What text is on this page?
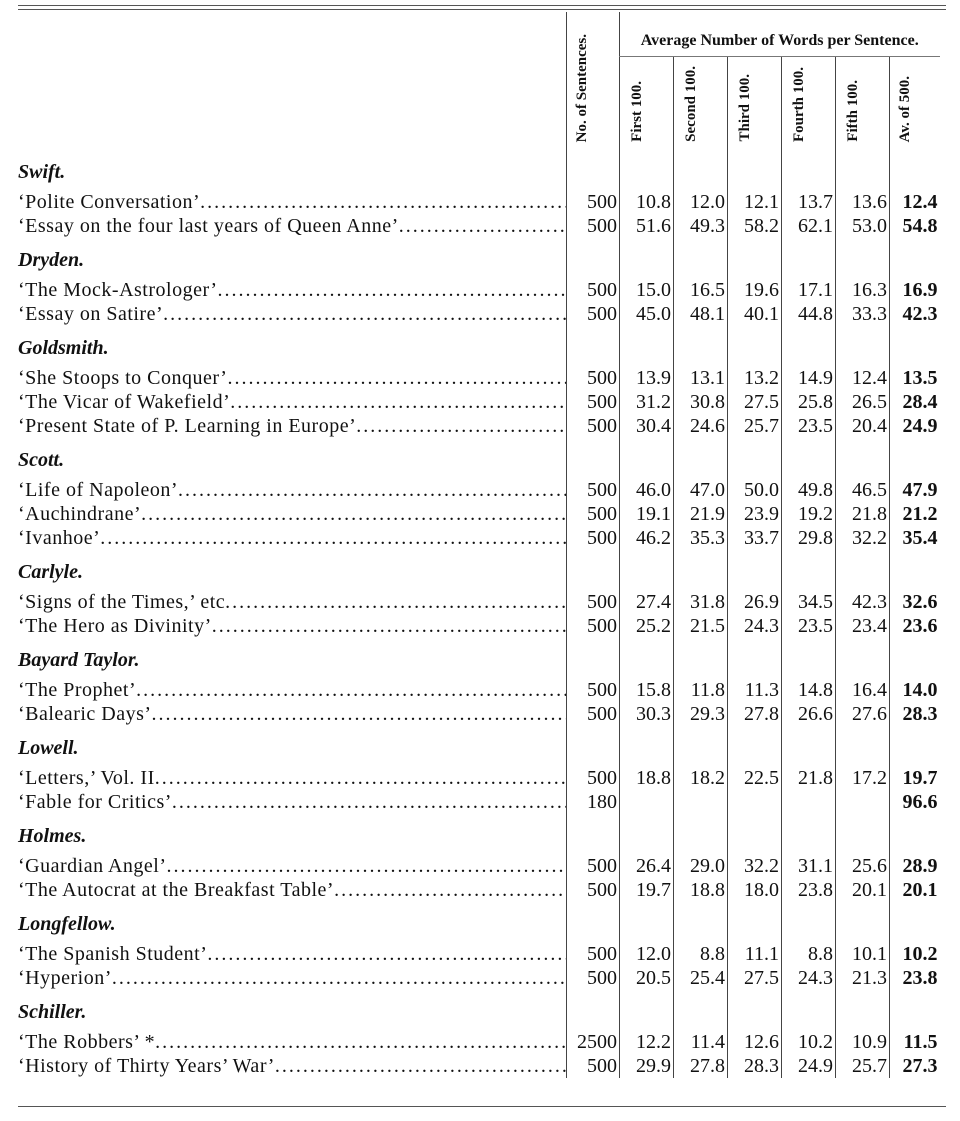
	No. of Sentences.	Average Number of Words per Sentence.					

		First 100.	Second 100.	Third 100.	Fourth 100.	Fifth 100.	Av. of 500.

Swift.							

‘Polite Conversation’ .....	500	10.8	12.0	12.1	13.7	13.6	12.4

‘Essay on the four last years of Queen Anne’ .....	500	51.6	49.3	58.2	62.1	53.0	54.8
Dryden.							

‘The Mock-Astrologer’ .....	500	15.0	16.5	19.6	17.1	16.3	16.9

‘Essay on Satire’ .....	500	45.0	48.1	40.1	44.8	33.3	42.3
Goldsmith.							

‘She Stoops to Conquer’ .....	500	13.9	13.1	13.2	14.9	12.4	13.5

‘The Vicar of Wakefield’ .....	500	31.2	30.8	27.5	25.8	26.5	28.4

‘Present State of P. Learning in Europe’ .....	500	30.4	24.6	25.7	23.5	20.4	24.9
Scott.							

‘Life of Napoleon’ .....	500	46.0	47.0	50.0	49.8	46.5	47.9

‘Auchindrane’ .....	500	19.1	21.9	23.9	19.2	21.8	21.2

‘Ivanhoe’ .....	500	46.2	35.3	33.7	29.8	32.2	35.4
Carlyle.							

‘Signs of the Times,’ etc .....	500	27.4	31.8	26.9	34.5	42.3	32.6

‘The Hero as Divinity’ .....	500	25.2	21.5	24.3	23.5	23.4	23.6
Bayard Taylor.							

‘The Prophet’ .....	500	15.8	11.8	11.3	14.8	16.4	14.0

‘Balearic Days’ .....	500	30.3	29.3	27.8	26.6	27.6	28.3
Lowell.							

‘Letters,’ Vol. II .....	500	18.8	18.2	22.5	21.8	17.2	19.7

‘Fable for Critics’ .....	180						96.6
Holmes.							

‘Guardian Angel’ .....	500	26.4	29.0	32.2	31.1	25.6	28.9

‘The Autocrat at the Breakfast Table’ .....	500	19.7	18.8	18.0	23.8	20.1	20.1
Longfellow.							

‘The Spanish Student’ .....	500	12.0	8.8	11.1	8.8	10.1	10.2

‘Hyperion’ .....	500	20.5	25.4	27.5	24.3	21.3	23.8
Schiller.							

‘The Robbers’ * .....	2500	12.2	11.4	12.6	10.2	10.9	11.5

‘History of Thirty Years’ War’ .....	500	29.9	27.8	28.3	24.9	25.7	27.3
